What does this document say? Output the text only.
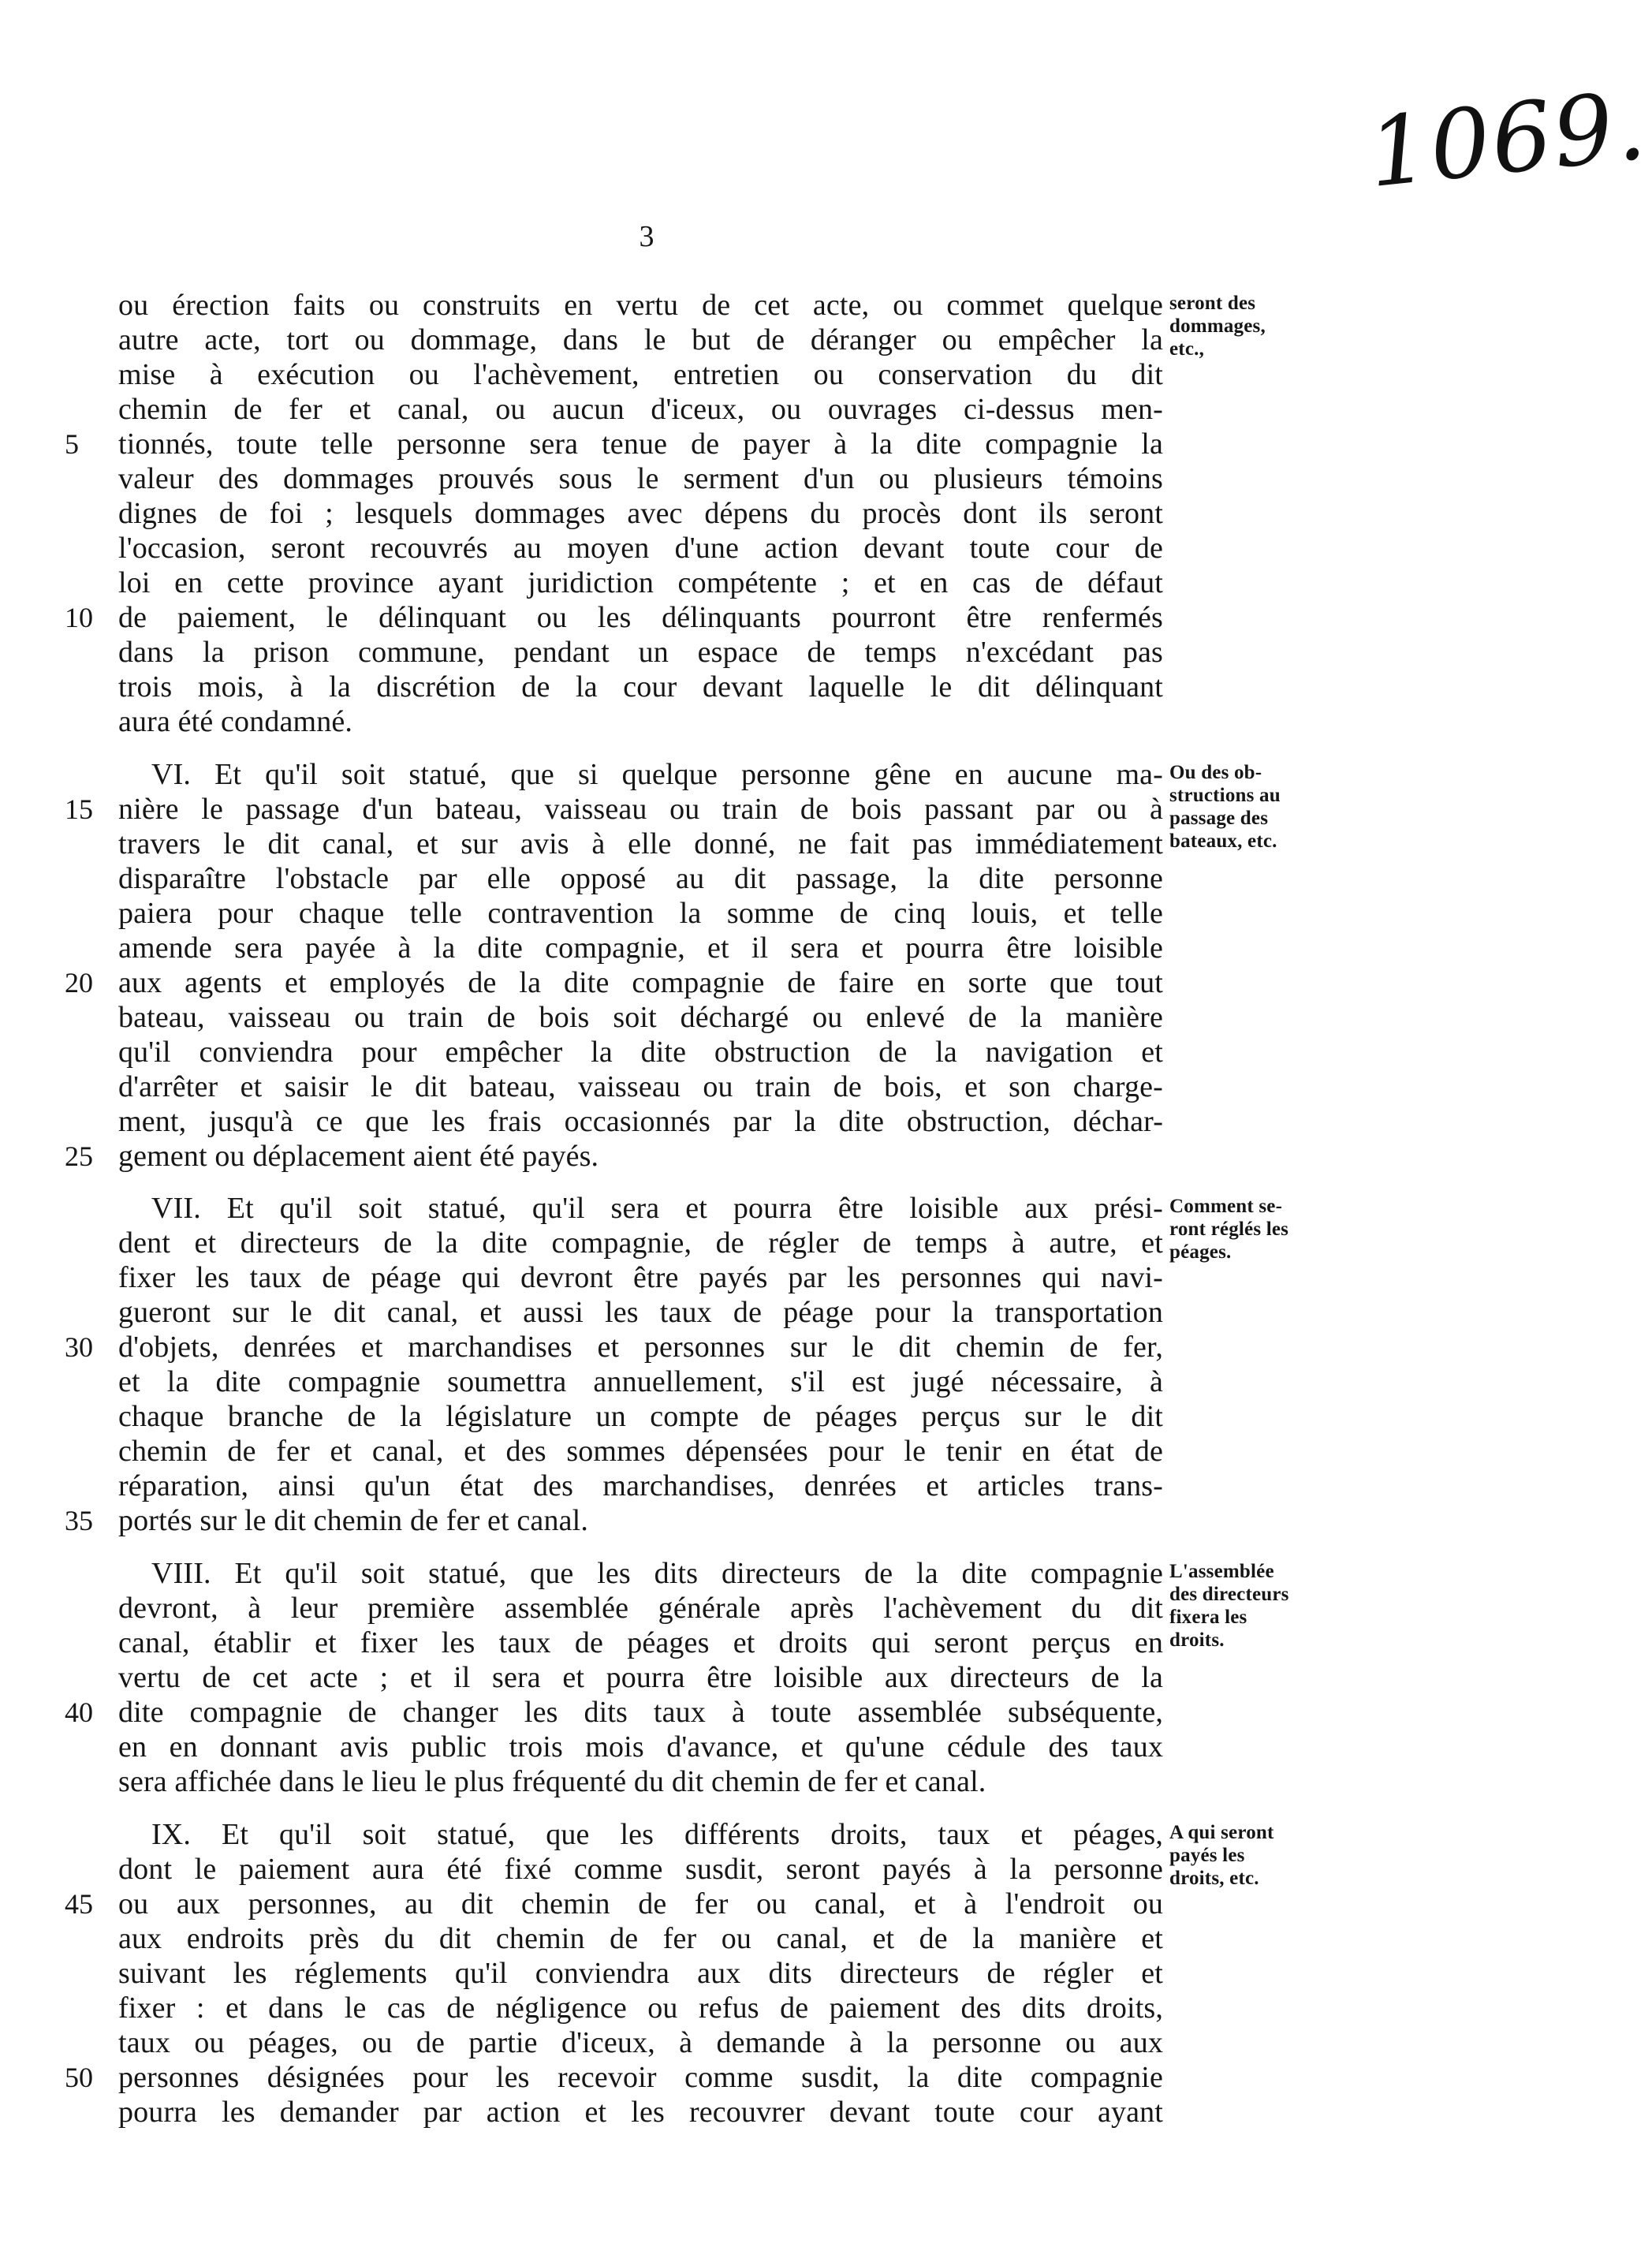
1069.
3
ou érection faits ou construits en vertu de cet acte, ou commet quelque
autre acte, tort ou dommage, dans le but de déranger ou empêcher la
mise à exécution ou l'achèvement, entretien ou conservation du dit
chemin de fer et canal, ou aucun d'iceux, ou ouvrages ci-dessus men-
tionnés, toute telle personne sera tenue de payer à la dite compagnie la
valeur des dommages prouvés sous le serment d'un ou plusieurs témoins
dignes de foi ; lesquels dommages avec dépens du procès dont ils seront
l'occasion, seront recouvrés au moyen d'une action devant toute cour de
loi en cette province ayant juridiction compétente ; et en cas de défaut
de paiement, le délinquant ou les délinquants pourront être renfermés
dans la prison commune, pendant un espace de temps n'excédant pas
trois mois, à la discrétion de la cour devant laquelle le dit délinquant
aura été condamné.
VI. Et qu'il soit statué, que si quelque personne gêne en aucune ma-
nière le passage d'un bateau, vaisseau ou train de bois passant par ou à
travers le dit canal, et sur avis à elle donné, ne fait pas immédiatement
disparaître l'obstacle par elle opposé au dit passage, la dite personne
paiera pour chaque telle contravention la somme de cinq louis, et telle
amende sera payée à la dite compagnie, et il sera et pourra être loisible
aux agents et employés de la dite compagnie de faire en sorte que tout
bateau, vaisseau ou train de bois soit déchargé ou enlevé de la manière
qu'il conviendra pour empêcher la dite obstruction de la navigation et
d'arrêter et saisir le dit bateau, vaisseau ou train de bois, et son charge-
ment, jusqu'à ce que les frais occasionnés par la dite obstruction, déchar-
gement ou déplacement aient été payés.
VII. Et qu'il soit statué, qu'il sera et pourra être loisible aux prési-
dent et directeurs de la dite compagnie, de régler de temps à autre, et
fixer les taux de péage qui devront être payés par les personnes qui navi-
gueront sur le dit canal, et aussi les taux de péage pour la transportation
d'objets, denrées et marchandises et personnes sur le dit chemin de fer,
et la dite compagnie soumettra annuellement, s'il est jugé nécessaire, à
chaque branche de la législature un compte de péages perçus sur le dit
chemin de fer et canal, et des sommes dépensées pour le tenir en état de
réparation, ainsi qu'un état des marchandises, denrées et articles trans-
portés sur le dit chemin de fer et canal.
VIII. Et qu'il soit statué, que les dits directeurs de la dite compagnie
devront, à leur première assemblée générale après l'achèvement du dit
canal, établir et fixer les taux de péages et droits qui seront perçus en
vertu de cet acte ; et il sera et pourra être loisible aux directeurs de la
dite compagnie de changer les dits taux à toute assemblée subséquente,
en en donnant avis public trois mois d'avance, et qu'une cédule des taux
sera affichée dans le lieu le plus fréquenté du dit chemin de fer et canal.
IX. Et qu'il soit statué, que les différents droits, taux et péages,
dont le paiement aura été fixé comme susdit, seront payés à la personne
ou aux personnes, au dit chemin de fer ou canal, et à l'endroit ou
aux endroits près du dit chemin de fer ou canal, et de la manière et
suivant les réglements qu'il conviendra aux dits directeurs de régler et
fixer : et dans le cas de négligence ou refus de paiement des dits droits,
taux ou péages, ou de partie d'iceux, à demande à la personne ou aux
personnes désignées pour les recevoir comme susdit, la dite compagnie
pourra les demander par action et les recouvrer devant toute cour ayant
5
10
15
20
25
30
35
40
45
50
seront des
dommages,
etc.,
Ou des ob-
structions au
passage des
bateaux, etc.
Comment se-
ront réglés les
péages.
L'assemblée
des directeurs
fixera les
droits.
A qui seront
payés les
droits, etc.
